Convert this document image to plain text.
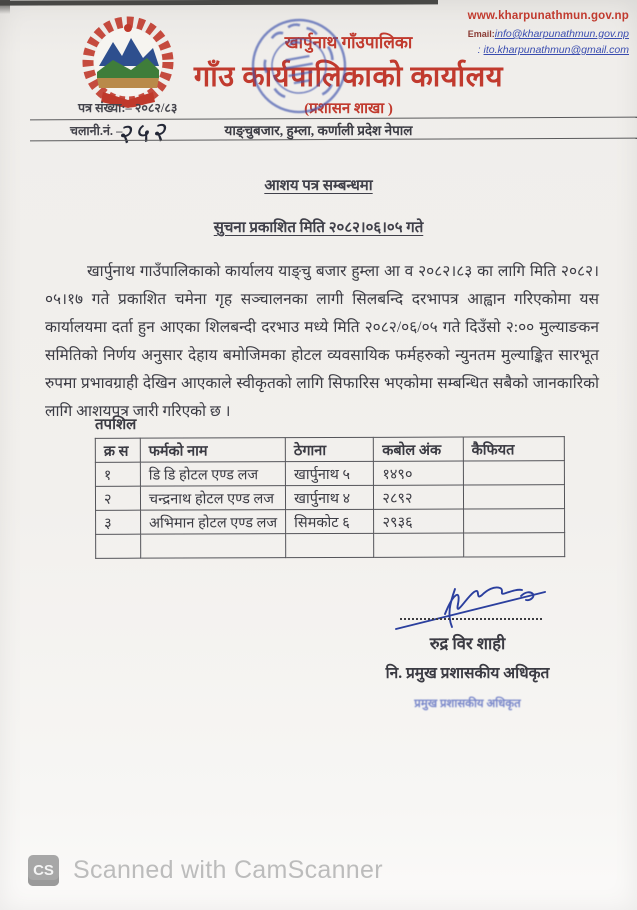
www.kharpunathmun.gov.np
Email:info@kharpunathmun.gov.np
: ito.kharpunathmun@gmail.com
खार्पुनाथ गाँउपालिका
गाँउ कार्यपालिकाको कार्यालय
(प्रशासन शाखा )
पत्र संख्या:– २०८२/८३
चलानी.नं. –
२५२	याङ्चुबजार, हुम्ला, कर्णाली प्रदेश नेपाल
आशय पत्र सम्बन्धमा
सुचना प्रकाशित मिति २०८२।०६।०५ गते
खार्पुनाथ गाउँपालिकाको कार्यालय याङ्चु बजार हुम्ला आ व २०८२।८३ का लागि मिति २०८२।०५।१७ गते प्रकाशित चमेना गृह सञ्चालनका लागी सिलबन्दि दरभापत्र आह्वान गरिएकोमा यस कार्यालयमा दर्ता हुन आएका शिलबन्दी दरभाउ मध्ये मिति २०८२/०६/०५ गते दिउँसो २:०० मुल्याङकन समितिको निर्णय अनुसार देहाय बमोजिमका होटल व्यवसायिक फर्महरुको न्युनतम मुल्याङ्कित सारभूत रुपमा प्रभावग्राही देखिन आएकाले स्वीकृतको लागि सिफारिस भएकोमा सम्बन्धित सबैको जानकारिको लागि आशयपत्र जारी गरिएको छ ।
तपशिल
क्र स	फर्मको नाम	ठेगाना	कबोल अंक	कैफियत
१	डि डि होटल एण्ड लज	खार्पुनाथ ५	१४९०	
२	चन्द्रनाथ होटल एण्ड लज	खार्पुनाथ ४	२८९२	
३	अभिमान होटल एण्ड लज	सिमकोट ६	२९३६	

रुद्र विर शाही
नि. प्रमुख प्रशासकीय अधिकृत
प्रमुख प्रशासकीय अधिकृत
CS Scanned with CamScanner
